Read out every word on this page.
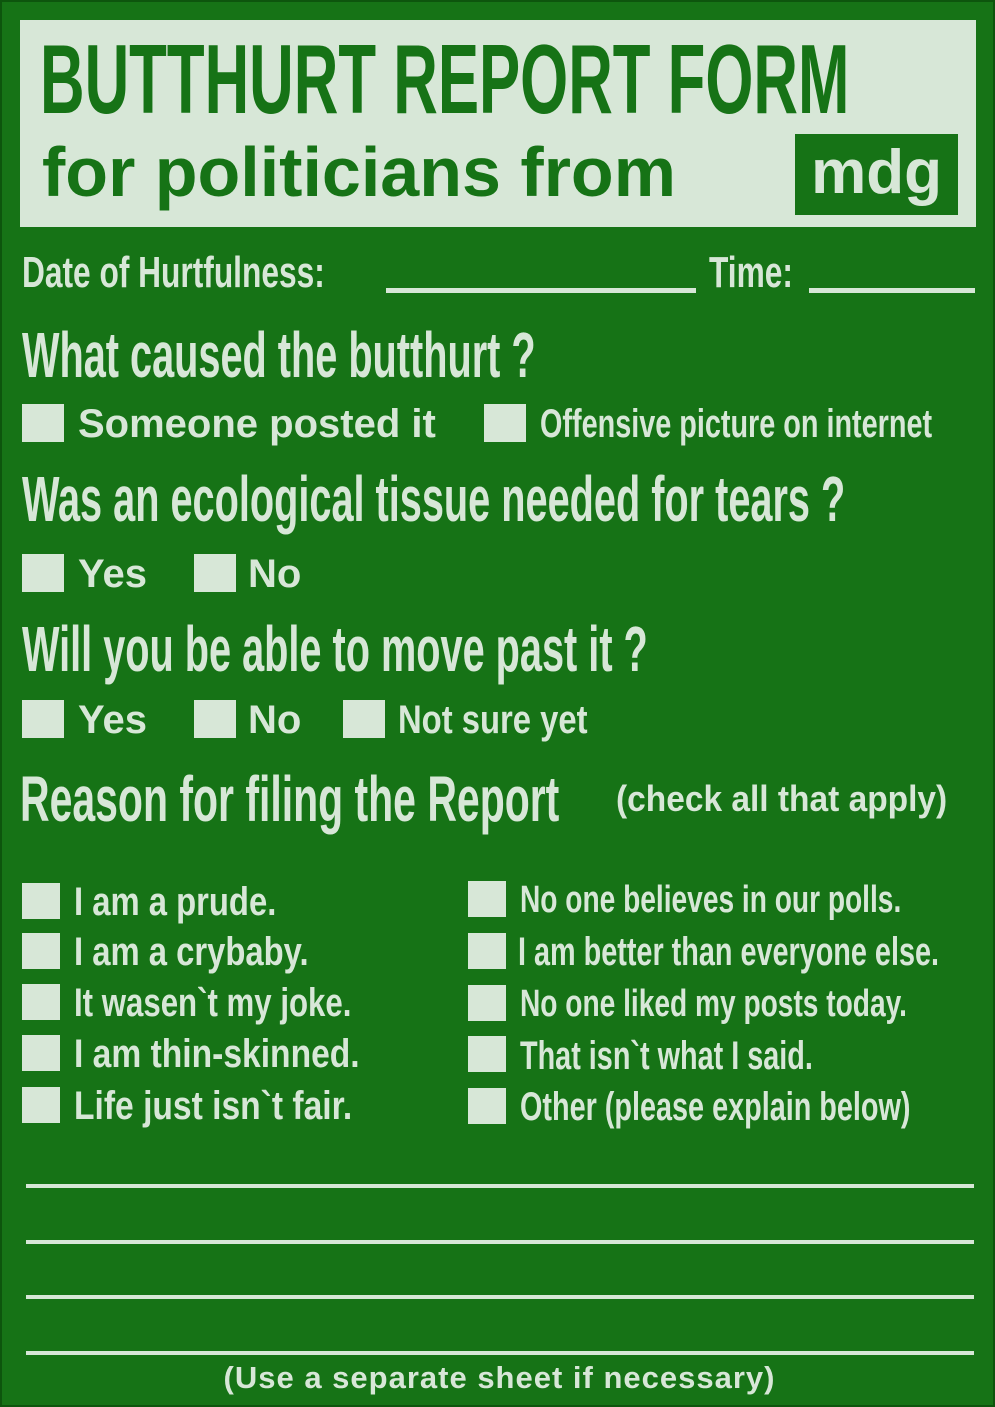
BUTTHURT REPORT FORM
for politicians from mdg
Date of Hurtfulness:	Time:
What caused the butthurt ?
Someone posted it	Offensive picture on internet
Was an ecological tissue needed for tears ?
Yes	No
Will you be able to move past it ?
Yes	No Not sure yet
Reason for filing the Report	(check all that apply)
I am a prude.
I am a crybaby.
It wasen`t my joke.
I am thin-skinned.
Life just isn`t fair.
No one believes in our polls.
I am better than everyone else.
No one liked my posts today.
That isn`t what I said.
Other (please explain below)
(Use a separate sheet if necessary)
